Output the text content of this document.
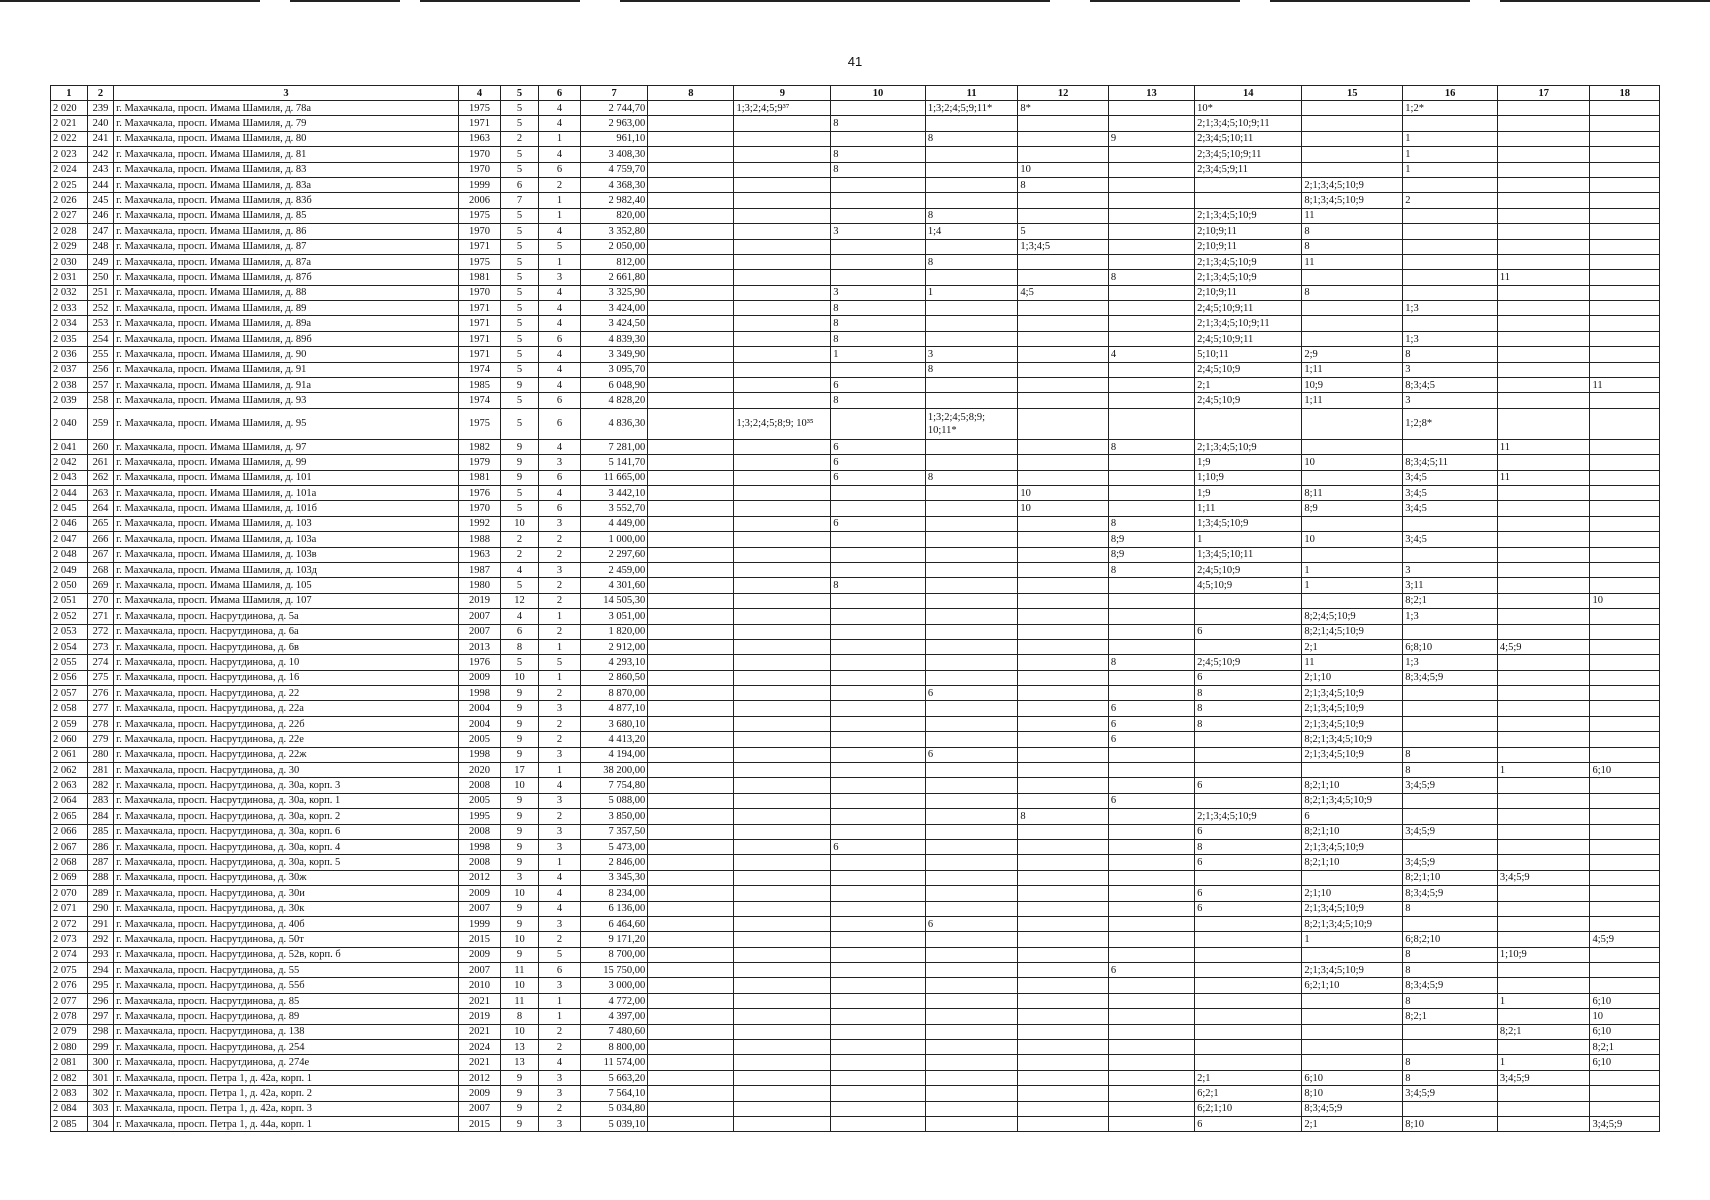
41
1	2	3	4	5	6	7	8	9	10	11	12	13	14	15	16	17	18
2 020	239	г. Махачкала, просп. Имама Шамиля, д. 78а	1975	5	4	2 744,70		1;3;2;4;5;9³⁷		1;3;2;4;5;9;11*	8*		10*		1;2*		
2 021	240	г. Махачкала, просп. Имама Шамиля, д. 79	1971	5	4	2 963,00			8				2;1;3;4;5;10;9;11				
2 022	241	г. Махачкала, просп. Имама Шамиля, д. 80	1963	2	1	961,10				8		9	2;3;4;5;10;11		1		
2 023	242	г. Махачкала, просп. Имама Шамиля, д. 81	1970	5	4	3 408,30			8				2;3;4;5;10;9;11		1		
2 024	243	г. Махачкала, просп. Имама Шамиля, д. 83	1970	5	6	4 759,70			8		10		2;3;4;5;9;11		1		
2 025	244	г. Махачкала, просп. Имама Шамиля, д. 83а	1999	6	2	4 368,30					8			2;1;3;4;5;10;9			
2 026	245	г. Махачкала, просп. Имама Шамиля, д. 83б	2006	7	1	2 982,40								8;1;3;4;5;10;9	2		
2 027	246	г. Махачкала, просп. Имама Шамиля, д. 85	1975	5	1	820,00				8			2;1;3;4;5;10;9	11			
2 028	247	г. Махачкала, просп. Имама Шамиля, д. 86	1970	5	4	3 352,80			3	1;4	5		2;10;9;11	8			
2 029	248	г. Махачкала, просп. Имама Шамиля, д. 87	1971	5	5	2 050,00					1;3;4;5		2;10;9;11	8			
2 030	249	г. Махачкала, просп. Имама Шамиля, д. 87а	1975	5	1	812,00				8			2;1;3;4;5;10;9	11			
2 031	250	г. Махачкала, просп. Имама Шамиля, д. 87б	1981	5	3	2 661,80						8	2;1;3;4;5;10;9			11	
2 032	251	г. Махачкала, просп. Имама Шамиля, д. 88	1970	5	4	3 325,90			3	1	4;5		2;10;9;11	8			
2 033	252	г. Махачкала, просп. Имама Шамиля, д. 89	1971	5	4	3 424,00			8				2;4;5;10;9;11		1;3		
2 034	253	г. Махачкала, просп. Имама Шамиля, д. 89а	1971	5	4	3 424,50			8				2;1;3;4;5;10;9;11				
2 035	254	г. Махачкала, просп. Имама Шамиля, д. 89б	1971	5	6	4 839,30			8				2;4;5;10;9;11		1;3		
2 036	255	г. Махачкала, просп. Имама Шамиля, д. 90	1971	5	4	3 349,90			1	3		4	5;10;11	2;9	8		
2 037	256	г. Махачкала, просп. Имама Шамиля, д. 91	1974	5	4	3 095,70				8			2;4;5;10;9	1;11	3		
2 038	257	г. Махачкала, просп. Имама Шамиля, д. 91а	1985	9	4	6 048,90			6				2;1	10;9	8;3;4;5		11
2 039	258	г. Махачкала, просп. Имама Шамиля, д. 93	1974	5	6	4 828,20			8				2;4;5;10;9	1;11	3		
2 040	259	г. Махачкала, просп. Имама Шамиля, д. 95	1975	5	6	4 836,30		1;3;2;4;5;8;9; 10³⁵		1;3;2;4;5;8;9; 10;11*					1;2;8*		
2 041	260	г. Махачкала, просп. Имама Шамиля, д. 97	1982	9	4	7 281,00			6			8	2;1;3;4;5;10;9			11	
2 042	261	г. Махачкала, просп. Имама Шамиля, д. 99	1979	9	3	5 141,70			6				1;9	10	8;3;4;5;11		
2 043	262	г. Махачкала, просп. Имама Шамиля, д. 101	1981	9	6	11 665,00			6	8			1;10;9		3;4;5	11	
2 044	263	г. Махачкала, просп. Имама Шамиля, д. 101а	1976	5	4	3 442,10					10		1;9	8;11	3;4;5		
2 045	264	г. Махачкала, просп. Имама Шамиля, д. 101б	1970	5	6	3 552,70					10		1;11	8;9	3;4;5		
2 046	265	г. Махачкала, просп. Имама Шамиля, д. 103	1992	10	3	4 449,00			6			8	1;3;4;5;10;9				
2 047	266	г. Махачкала, просп. Имама Шамиля, д. 103а	1988	2	2	1 000,00						8;9	1	10	3;4;5		
2 048	267	г. Махачкала, просп. Имама Шамиля, д. 103в	1963	2	2	2 297,60						8;9	1;3;4;5;10;11				
2 049	268	г. Махачкала, просп. Имама Шамиля, д. 103д	1987	4	3	2 459,00						8	2;4;5;10;9	1	3		
2 050	269	г. Махачкала, просп. Имама Шамиля, д. 105	1980	5	2	4 301,60			8				4;5;10;9	1	3;11		
2 051	270	г. Махачкала, просп. Имама Шамиля, д. 107	2019	12	2	14 505,30									8;2;1		10
2 052	271	г. Махачкала, просп. Насрутдинова, д. 5а	2007	4	1	3 051,00								8;2;4;5;10;9	1;3		
2 053	272	г. Махачкала, просп. Насрутдинова, д. 6а	2007	6	2	1 820,00							6	8;2;1;4;5;10;9			
2 054	273	г. Махачкала, просп. Насрутдинова, д. 6в	2013	8	1	2 912,00								2;1	6;8;10	4;5;9	
2 055	274	г. Махачкала, просп. Насрутдинова, д. 10	1976	5	5	4 293,10						8	2;4;5;10;9	11	1;3		
2 056	275	г. Махачкала, просп. Насрутдинова, д. 16	2009	10	1	2 860,50							6	2;1;10	8;3;4;5;9		
2 057	276	г. Махачкала, просп. Насрутдинова, д. 22	1998	9	2	8 870,00				6			8	2;1;3;4;5;10;9			
2 058	277	г. Махачкала, просп. Насрутдинова, д. 22а	2004	9	3	4 877,10						6	8	2;1;3;4;5;10;9			
2 059	278	г. Махачкала, просп. Насрутдинова, д. 22б	2004	9	2	3 680,10						6	8	2;1;3;4;5;10;9			
2 060	279	г. Махачкала, просп. Насрутдинова, д. 22е	2005	9	2	4 413,20						6		8;2;1;3;4;5;10;9			
2 061	280	г. Махачкала, просп. Насрутдинова, д. 22ж	1998	9	3	4 194,00				6				2;1;3;4;5;10;9	8		
2 062	281	г. Махачкала, просп. Насрутдинова, д. 30	2020	17	1	38 200,00									8	1	6;10
2 063	282	г. Махачкала, просп. Насрутдинова, д. 30а, корп. 3	2008	10	4	7 754,80							6	8;2;1;10	3;4;5;9		
2 064	283	г. Махачкала, просп. Насрутдинова, д. 30а, корп. 1	2005	9	3	5 088,00						6		8;2;1;3;4;5;10;9			
2 065	284	г. Махачкала, просп. Насрутдинова, д. 30а, корп. 2	1995	9	2	3 850,00					8		2;1;3;4;5;10;9	6			
2 066	285	г. Махачкала, просп. Насрутдинова, д. 30а, корп. 6	2008	9	3	7 357,50							6	8;2;1;10	3;4;5;9		
2 067	286	г. Махачкала, просп. Насрутдинова, д. 30а, корп. 4	1998	9	3	5 473,00			6				8	2;1;3;4;5;10;9			
2 068	287	г. Махачкала, просп. Насрутдинова, д. 30а, корп. 5	2008	9	1	2 846,00							6	8;2;1;10	3;4;5;9		
2 069	288	г. Махачкала, просп. Насрутдинова, д. 30ж	2012	3	4	3 345,30									8;2;1;10	3;4;5;9	
2 070	289	г. Махачкала, просп. Насрутдинова, д. 30и	2009	10	4	8 234,00							6	2;1;10	8;3;4;5;9		
2 071	290	г. Махачкала, просп. Насрутдинова, д. 30к	2007	9	4	6 136,00							6	2;1;3;4;5;10;9	8		
2 072	291	г. Махачкала, просп. Насрутдинова, д. 40б	1999	9	3	6 464,60				6				8;2;1;3;4;5;10;9			
2 073	292	г. Махачкала, просп. Насрутдинова, д. 50т	2015	10	2	9 171,20								1	6;8;2;10		4;5;9
2 074	293	г. Махачкала, просп. Насрутдинова, д. 52в, корп. б	2009	9	5	8 700,00									8	1;10;9	
2 075	294	г. Махачкала, просп. Насрутдинова, д. 55	2007	11	6	15 750,00						6		2;1;3;4;5;10;9	8		
2 076	295	г. Махачкала, просп. Насрутдинова, д. 55б	2010	10	3	3 000,00								6;2;1;10	8;3;4;5;9		
2 077	296	г. Махачкала, просп. Насрутдинова, д. 85	2021	11	1	4 772,00									8	1	6;10
2 078	297	г. Махачкала, просп. Насрутдинова, д. 89	2019	8	1	4 397,00									8;2;1		10
2 079	298	г. Махачкала, просп. Насрутдинова, д. 138	2021	10	2	7 480,60										8;2;1	6;10
2 080	299	г. Махачкала, просп. Насрутдинова, д. 254	2024	13	2	8 800,00											8;2;1
2 081	300	г. Махачкала, просп. Насрутдинова, д. 274е	2021	13	4	11 574,00									8	1	6;10
2 082	301	г. Махачкала, просп. Петра 1, д. 42а, корп. 1	2012	9	3	5 663,20							2;1	6;10	8	3;4;5;9	
2 083	302	г. Махачкала, просп. Петра 1, д. 42а, корп. 2	2009	9	3	7 564,10							6;2;1	8;10	3;4;5;9		
2 084	303	г. Махачкала, просп. Петра 1, д. 42а, корп. 3	2007	9	2	5 034,80							6;2;1;10	8;3;4;5;9			
2 085	304	г. Махачкала, просп. Петра 1, д. 44а, корп. 1	2015	9	3	5 039,10							6	2;1	8;10		3;4;5;9
